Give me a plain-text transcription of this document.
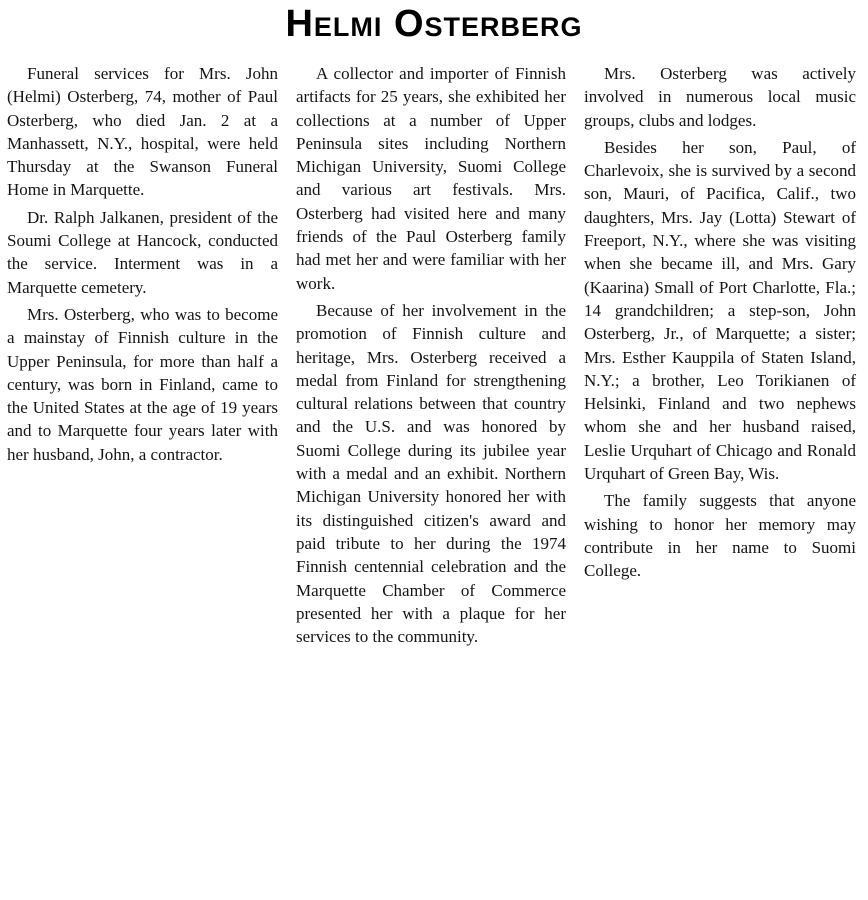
Helmi Osterberg

Funeral services for Mrs. John (Helmi) Osterberg, 74, mother of Paul Osterberg, who died Jan. 2 at a Manhassett, N.Y., hospital, were held Thursday at the Swanson Funeral Home in Marquette.

Dr. Ralph Jalkanen, president of the Soumi College at Hancock, conducted the service. Interment was in a Marquette cemetery.

Mrs. Osterberg, who was to become a mainstay of Finnish culture in the Upper Peninsula, for more than half a century, was born in Finland, came to the United States at the age of 19 years and to Marquette four years later with her husband, John, a contractor.

A collector and importer of Finnish artifacts for 25 years, she exhibited her collections at a number of Upper Peninsula sites including Northern Michigan University, Suomi College and various art festivals. Mrs. Osterberg had visited here and many friends of the Paul Osterberg family had met her and were familiar with her work.

Because of her involvement in the promotion of Finnish culture and heritage, Mrs. Osterberg received a medal from Finland for strengthening cultural relations between that country and the U.S. and was honored by Suomi College during its jubilee year with a medal and an exhibit. Northern Michigan University honored her with its distinguished citizen's award and paid tribute to her during the 1974 Finnish centennial celebration and the Marquette Chamber of Commerce presented her with a plaque for her services to the community.

Mrs. Osterberg was actively involved in numerous local music groups, clubs and lodges.

Besides her son, Paul, of Charlevoix, she is survived by a second son, Mauri, of Pacifica, Calif., two daughters, Mrs. Jay (Lotta) Stewart of Freeport, N.Y., where she was visiting when she became ill, and Mrs. Gary (Kaarina) Small of Port Charlotte, Fla.; 14 grandchildren; a step-son, John Osterberg, Jr., of Marquette; a sister; Mrs. Esther Kauppila of Staten Island, N.Y.; a brother, Leo Torikianen of Helsinki, Finland and two nephews whom she and her husband raised, Leslie Urquhart of Chicago and Ronald Urquhart of Green Bay, Wis.

The family suggests that anyone wishing to honor her memory may contribute in her name to Suomi College.
